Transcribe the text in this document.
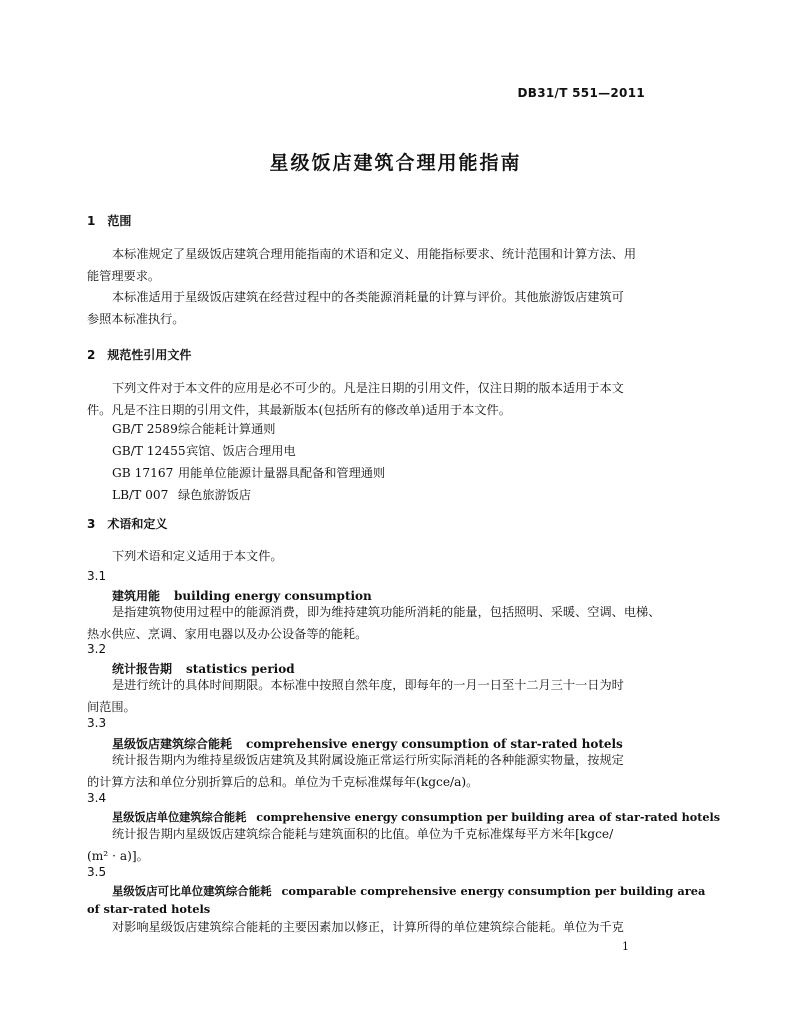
DB31/T 551—2011
星级饭店建筑合理用能指南
1　范围
本标准规定了星级饭店建筑合理用能指南的术语和定义、用能指标要求、统计范围和计算方法、用
能管理要求。
本标准适用于星级饭店建筑在经营过程中的各类能源消耗量的计算与评价。其他旅游饭店建筑可
参照本标准执行。
2　规范性引用文件
下列文件对于本文件的应用是必不可少的。凡是注日期的引用文件，仅注日期的版本适用于本文
件。凡是不注日期的引用文件，其最新版本(包括所有的修改单)适用于本文件。
GB/T 2589综合能耗计算通则
GB/T 12455宾馆、饭店合理用电
GB 17167 用能单位能源计量器具配备和管理通则
LB/T 007 绿色旅游饭店
3　术语和定义
下列术语和定义适用于本文件。
3.1
建筑用能 building energy consumption
是指建筑物使用过程中的能源消费，即为维持建筑功能所消耗的能量，包括照明、采暖、空调、电梯、
热水供应、烹调、家用电器以及办公设备等的能耗。
3.2
统计报告期 statistics period
是进行统计的具体时间期限。本标准中按照自然年度，即每年的一月一日至十二月三十一日为时
间范围。
3.3
星级饭店建筑综合能耗 comprehensive energy consumption of star-rated hotels
统计报告期内为维持星级饭店建筑及其附属设施正常运行所实际消耗的各种能源实物量，按规定
的计算方法和单位分别折算后的总和。单位为千克标准煤每年(kgce/a)。
3.4
星级饭店单位建筑综合能耗 comprehensive energy consumption per building area of star-rated hotels
统计报告期内星级饭店建筑综合能耗与建筑面积的比值。单位为千克标准煤每平方米年[kgce/
(m² · a)]。
3.5
星级饭店可比单位建筑综合能耗 comparable comprehensive energy consumption per building area
of star-rated hotels
对影响星级饭店建筑综合能耗的主要因素加以修正，计算所得的单位建筑综合能耗。单位为千克
1
